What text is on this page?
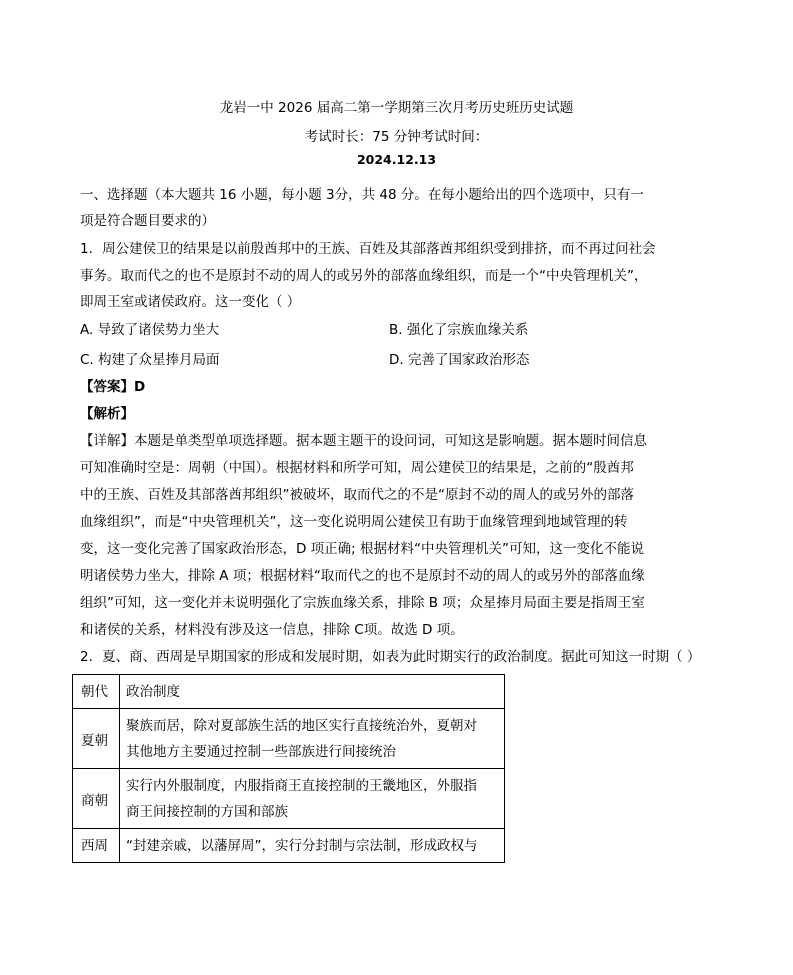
龙岩一中 2026 届高二第一学期第三次月考历史班历史试题
考试时长：75 分钟考试时间：
2024.12.13
一、选择题（本大题共 16 小题，每小题 3分，共 48 分。在每小题给出的四个选项中，只有一
项是符合题目要求的）
1．周公建侯卫的结果是以前殷酋邦中的王族、百姓及其部落酋邦组织受到排挤，而不再过问社会
事务。取而代之的也不是原封不动的周人的或另外的部落血缘组织，而是一个“中央管理机关”，
即周王室或诸侯政府。这一变化（ ）
A. 导致了诸侯势力坐大	B. 强化了宗族血缘关系
C. 构建了众星捧月局面	D. 完善了国家政治形态
【答案】D
【解析】
【详解】本题是单类型单项选择题。据本题主题干的设问词，可知这是影响题。据本题时间信息
可知准确时空是：周朝（中国）。根据材料和所学可知，周公建侯卫的结果是，之前的“殷酋邦
中的王族、百姓及其部落酋邦组织”被破坏，取而代之的不是“原封不动的周人的或另外的部落
血缘组织”，而是“中央管理机关”，这一变化说明周公建侯卫有助于血缘管理到地域管理的转
变，这一变化完善了国家政治形态，D 项正确; 根据材料“中央管理机关”可知，这一变化不能说
明诸侯势力坐大，排除 A 项；根据材料“取而代之的也不是原封不动的周人的或另外的部落血缘
组织”可知，这一变化并未说明强化了宗族血缘关系，排除 B 项；众星捧月局面主要是指周王室
和诸侯的关系，材料没有涉及这一信息，排除 C项。故选 D 项。
2．夏、商、西周是早期国家的形成和发展时期，如表为此时期实行的政治制度。据此可知这一时期（ ）
朝代	政治制度
夏朝	聚族而居，除对夏部族生活的地区实行直接统治外，夏朝对
其他地方主要通过控制一些部族进行间接统治

商朝	实行内外服制度，内服指商王直接控制的王畿地区，外服指
商王间接控制的方国和部族

西周	“封建亲戚，以藩屏周”，实行分封制与宗法制，形成政权与
